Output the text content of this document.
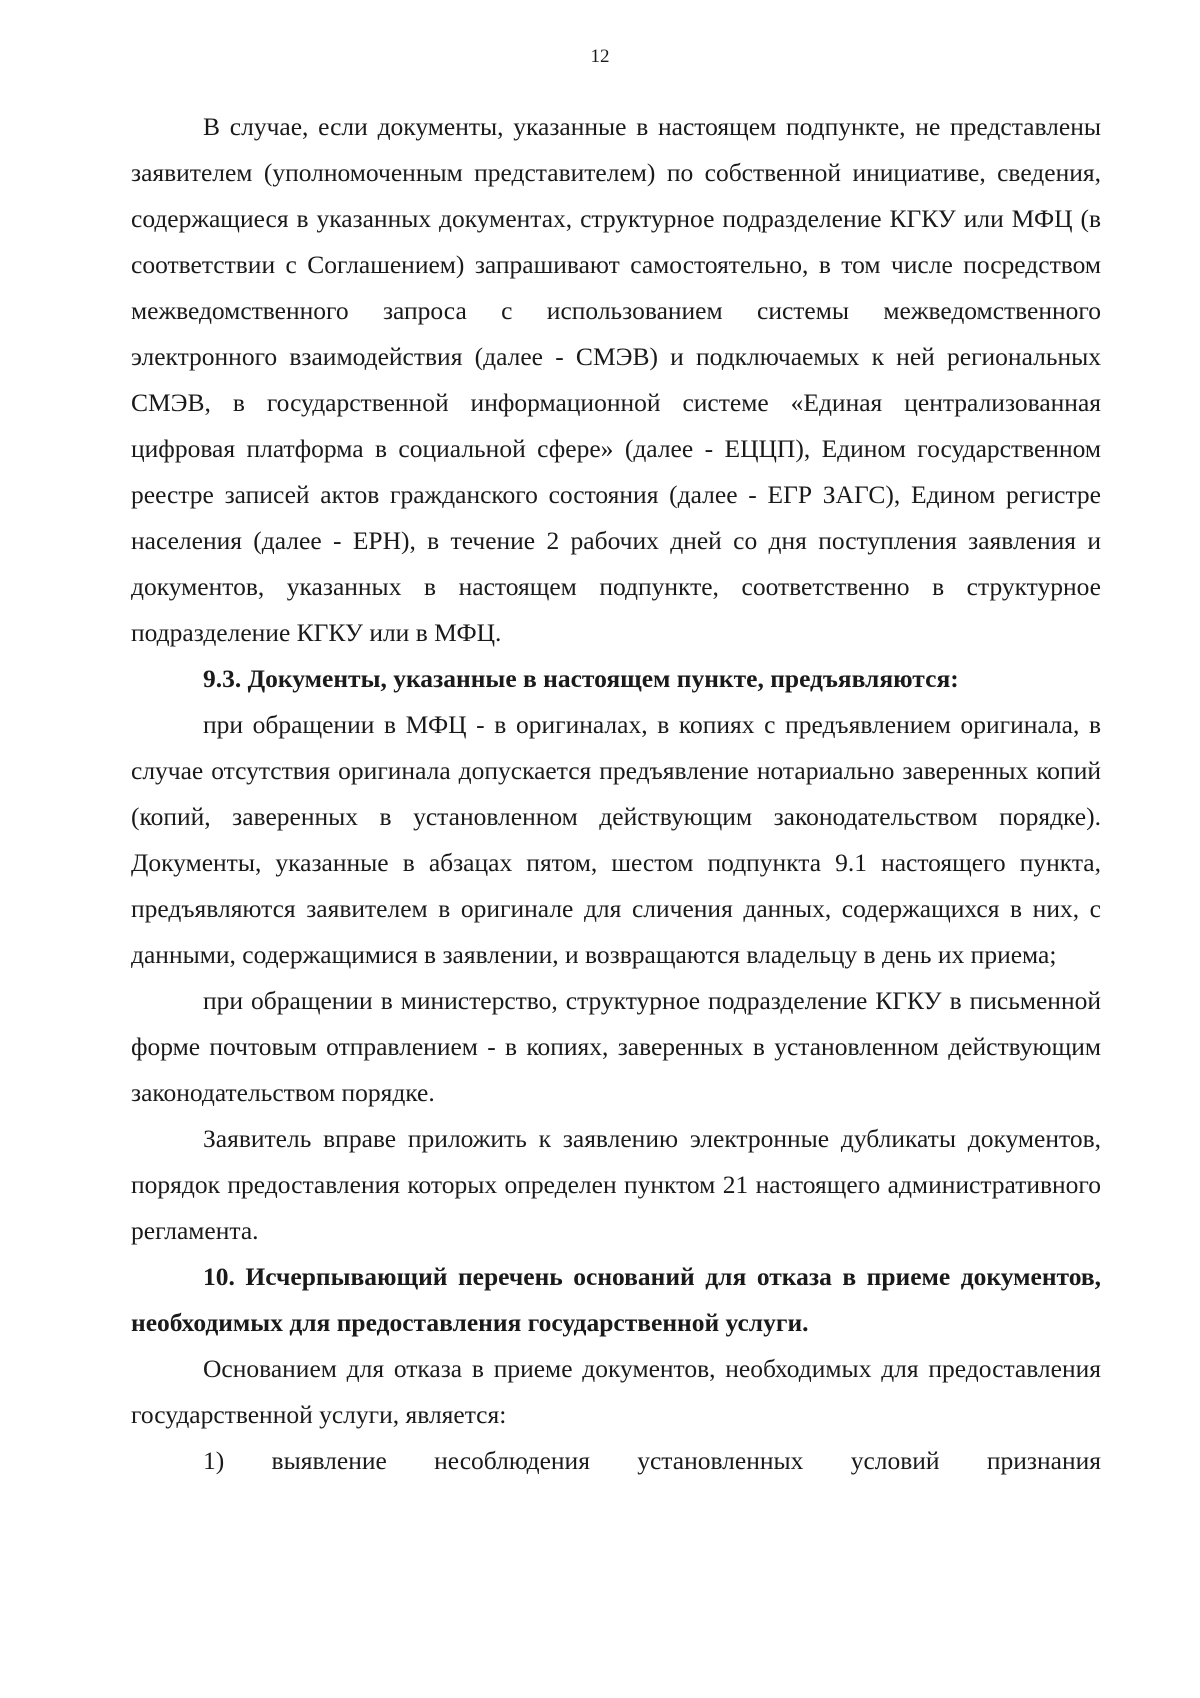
12

В случае, если документы, указанные в настоящем подпункте, не представлены заявителем (уполномоченным представителем) по собственной инициативе, сведения, содержащиеся в указанных документах, структурное подразделение КГКУ или МФЦ (в соответствии с Соглашением) запрашивают самостоятельно, в том числе посредством межведомственного запроса с использованием системы межведомственного электронного взаимодействия (далее - СМЭВ) и подключаемых к ней региональных СМЭВ, в государственной информационной системе «Единая централизованная цифровая платформа в социальной сфере» (далее - ЕЦЦП), Едином государственном реестре записей актов гражданского состояния (далее - ЕГР ЗАГС), Едином регистре населения (далее - ЕРН), в течение 2 рабочих дней со дня поступления заявления и документов, указанных в настоящем подпункте, соответственно в структурное подразделение КГКУ или в МФЦ.

9.3. Документы, указанные в настоящем пункте, предъявляются:

при обращении в МФЦ - в оригиналах, в копиях с предъявлением оригинала, в случае отсутствия оригинала допускается предъявление нотариально заверенных копий (копий, заверенных в установленном действующим законодательством порядке). Документы, указанные в абзацах пятом, шестом подпункта 9.1 настоящего пункта, предъявляются заявителем в оригинале для сличения данных, содержащихся в них, с данными, содержащимися в заявлении, и возвращаются владельцу в день их приема;

при обращении в министерство, структурное подразделение КГКУ в письменной форме почтовым отправлением - в копиях, заверенных в установленном действующим законодательством порядке.

Заявитель вправе приложить к заявлению электронные дубликаты документов, порядок предоставления которых определен пунктом 21 настоящего административного регламента.

10. Исчерпывающий перечень оснований для отказа в приеме документов, необходимых для предоставления государственной услуги.

Основанием для отказа в приеме документов, необходимых для предоставления государственной услуги, является:

1) выявление несоблюдения установленных условий признания
